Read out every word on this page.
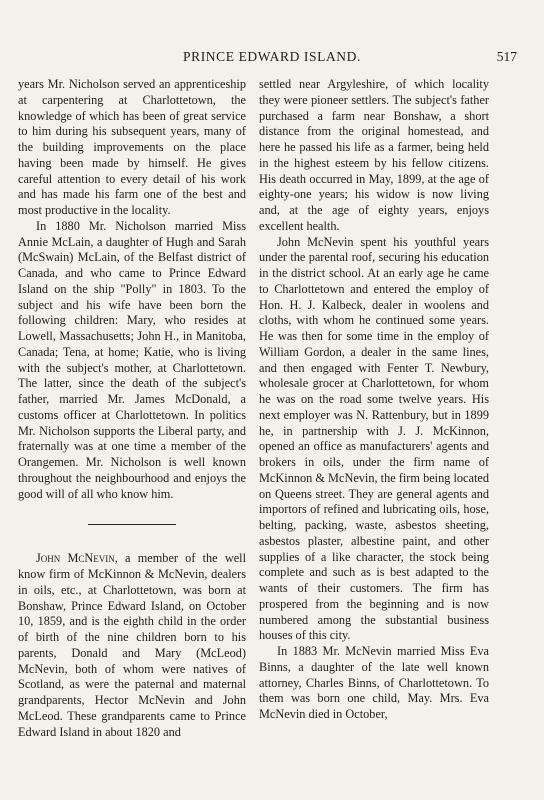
PRINCE EDWARD ISLAND.	517

years Mr. Nicholson served an apprenticeship at carpentering at Charlottetown, the knowledge of which has been of great service to him during his subsequent years, many of the building improvements on the place having been made by himself. He gives careful attention to every detail of his work and has made his farm one of the best and most productive in the locality.

In 1880 Mr. Nicholson married Miss Annie McLain, a daughter of Hugh and Sarah (McSwain) McLain, of the Belfast district of Canada, and who came to Prince Edward Island on the ship "Polly" in 1803. To the subject and his wife have been born the following children: Mary, who resides at Lowell, Massachusetts; John H., in Manitoba, Canada; Tena, at home; Katie, who is living with the subject's mother, at Charlottetown. The latter, since the death of the subject's father, married Mr. James McDonald, a customs officer at Charlottetown. In politics Mr. Nicholson supports the Liberal party, and fraternally was at one time a member of the Orangemen. Mr. Nicholson is well known throughout the neighbourhood and enjoys the good will of all who know him.

John McNevin, a member of the well know firm of McKinnon & McNevin, dealers in oils, etc., at Charlottetown, was born at Bonshaw, Prince Edward Island, on October 10, 1859, and is the eighth child in the order of birth of the nine children born to his parents, Donald and Mary (McLeod) McNevin, both of whom were natives of Scotland, as were the paternal and maternal grandparents, Hector McNevin and John McLeod. These grandparents came to Prince Edward Island in about 1820 and

settled near Argyleshire, of which locality they were pioneer settlers. The subject's father purchased a farm near Bonshaw, a short distance from the original homestead, and here he passed his life as a farmer, being held in the highest esteem by his fellow citizens. His death occurred in May, 1899, at the age of eighty-one years; his widow is now living and, at the age of eighty years, enjoys excellent health.

John McNevin spent his youthful years under the parental roof, securing his education in the district school. At an early age he came to Charlottetown and entered the employ of Hon. H. J. Kalbeck, dealer in woolens and cloths, with whom he continued some years. He was then for some time in the employ of William Gordon, a dealer in the same lines, and then engaged with Fenter T. Newbury, wholesale grocer at Charlottetown, for whom he was on the road some twelve years. His next employer was N. Rattenbury, but in 1899 he, in partnership with J. J. McKinnon, opened an office as manufacturers' agents and brokers in oils, under the firm name of McKinnon & McNevin, the firm being located on Queens street. They are general agents and importors of refined and lubricating oils, hose, belting, packing, waste, asbestos sheeting, asbestos plaster, albestine paint, and other supplies of a like character, the stock being complete and such as is best adapted to the wants of their customers. The firm has prospered from the beginning and is now numbered among the substantial business houses of this city.

In 1883 Mr. McNevin married Miss Eva Binns, a daughter of the late well known attorney, Charles Binns, of Charlottetown. To them was born one child, May. Mrs. Eva McNevin died in October,
